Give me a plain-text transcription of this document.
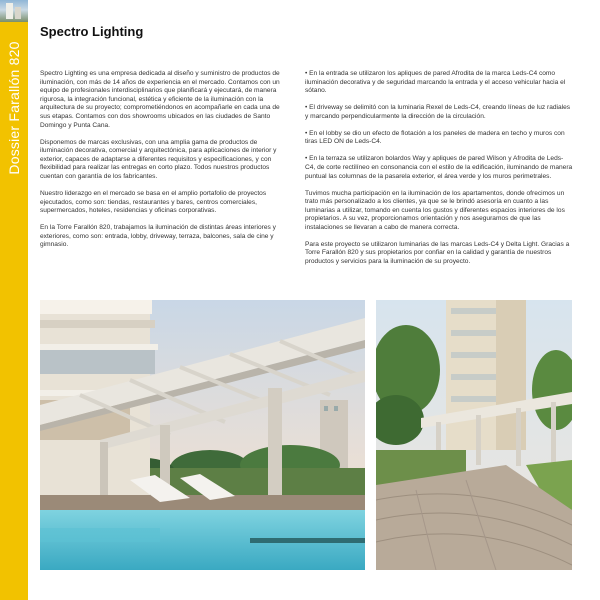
Dossier Farallón 820
Spectro Lighting

Spectro Lighting es una empresa dedicada al diseño y suministro de productos de iluminación, con más de 14 años de experiencia en el mercado. Contamos con un equipo de profesionales interdisciplinarios que planificará y ejecutará, de manera rigurosa, la integración funcional, estética y eficiente de la iluminación con la arquitectura de su proyecto; comprometiéndonos en acompañarle en cada una de sus etapas. Contamos con dos showrooms ubicados en las ciudades de Santo Domingo y Punta Cana.

Disponemos de marcas exclusivas, con una amplia gama de productos de iluminación decorativa, comercial y arquitectónica, para aplicaciones de interior y exterior, capaces de adaptarse a diferentes requisitos y especificaciones, y con flexibilidad para realizar las entregas en corto plazo. Todos nuestros productos cuentan con garantía de los fabricantes.

Nuestro liderazgo en el mercado se basa en el amplio portafolio de proyectos ejecutados, como son: tiendas, restaurantes y bares, centros comerciales, supermercados, hoteles, residencias y oficinas corporativas.

En la Torre Farallón 820, trabajamos la iluminación de distintas áreas interiores y exteriores, como son: entrada, lobby, driveway, terraza, balcones, sala de cine y gimnasio.

• En la entrada se utilizaron los apliques de pared Afrodita de la marca Leds-C4 como iluminación decorativa y de seguridad marcando la entrada y el acceso vehicular hacia el sótano.

• El driveway se delimitó con la luminaria Rexel de Leds-C4, creando líneas de luz radiales y marcando perpendicularmente la dirección de la circulación.

• En el lobby se dio un efecto de flotación a los paneles de madera en techo y muros con tiras LED ON de Leds-C4.

• En la terraza se utilizaron bolardos Way y apliques de pared Wilson y Afrodita de Leds-C4, de corte rectilíneo en consonancia con el estilo de la edificación, iluminando de manera puntual las columnas de la pasarela exterior, el área verde y los muros perimetrales.

Tuvimos mucha participación en la iluminación de los apartamentos, donde ofrecimos un trato más personalizado a los clientes, ya que se le brindó asesoría en cuanto a las luminarias a utilizar, tomando en cuenta los gustos y diferentes espacios interiores de los propietarios. A su vez, proporcionamos orientación y nos aseguramos de que las instalaciones se llevaran a cabo de manera correcta.

Para este proyecto se utilizaron luminarias de las marcas Leds-C4 y Delta Light. Gracias a Torre Farallón 820 y sus propietarios por confiar en la calidad y garantía de nuestros productos y servicios para la iluminación de su proyecto.
